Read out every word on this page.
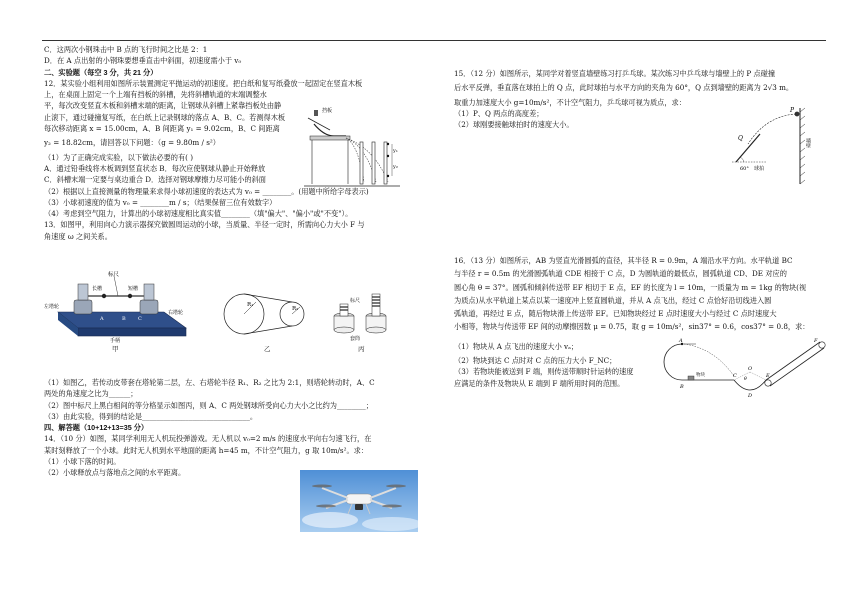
C．这两次小钢珠击中 B 点的飞行时间之比是 2：1
D．在 A 点出射的小钢珠要想垂直击中斜面，初速度需小于 v₀
二、实验题（每空 3 分，共 21 分）
12．某实验小组利用如图所示装置测定平抛运动的初速度。把白纸和复写纸叠放一起固定在竖直木板
上，在桌面上固定一个上端有挡板的斜槽，先将斜槽轨道的末端调整水
平，每次改变竖直木板和斜槽末端的距离，让钢球从斜槽上紧靠挡板处由静
止滚下，通过碰撞复写纸，在白纸上记录钢球的落点 A、B、C。若测得木板
每次移动距离 x = 15.00cm，A、B 间距离 y₁ = 9.02cm，B、C 间距离
y₂ = 18.82cm，请回答以下问题：（g = 9.80m / s²）
（1）为了正确完成实验，以下做法必要的有( )
A．通过铅垂线将木板调到竖直状态 B．每次应使钢球从静止开始释放
C．斜槽末端一定要与桌边重合 D．选择对钢球摩擦力尽可能小的斜面
（2）根据以上直接测量的物理量来求得小球初速度的表达式为 v₀ = ________。(用题中所给字母表示)
（3）小球初速度的值为 v₀ = ________m / s；（结果保留三位有效数字）
（4）考虑到空气阻力，计算出的小球初速度相比真实值________（填"偏大"、"偏小"或"不变"）。
13．如图甲，利用向心力演示器探究做圆周运动的小球，当质量、半径一定时，所需向心力大小 F 与
角速度 ω 之间关系。
挡板
y₁
y₂
标尺
长槽	短槽
左塔轮
右塔轮
手柄
A	B C
甲
R₁
R₂
乙
标尺
套筒
丙
（1）如图乙，若传动皮带套在塔轮第二层，左、右塔轮半径 R₁、R₂ 之比为 2:1，则塔轮转动时，A、C
两处的角速度之比为______；
（2）图中标尺上黑白相间的等分格显示如图丙，则 A、C 两处钢球所受向心力大小之比约为________；
（3）由此实验，得到的结论是______________________________。
四、解答题（10+12+13=35 分）
14．（10 分）如图，某同学利用无人机玩投弹游戏。无人机以 v₀=2 m/s 的速度水平向右匀速飞行，在
某时刻释放了一个小球。此时无人机到水平地面的距离 h=45 m，不计空气阻力，g 取 10m/s²。求：
（1）小球下落的时间。
（2）小球释放点与落地点之间的水平距离。
15．（12 分）如图所示，某同学对着竖直墙壁练习打乒乓球。某次练习中乒乓球与墙壁上的 P 点碰撞
后水平反弹，垂直落在球拍上的 Q 点，此时球拍与水平方向的夹角为 60°，Q 点到墙壁的距离为 2√3 m。
取重力加速度大小 g=10m/s²，不计空气阻力，乒乓球可视为质点，求：
（1）P、Q 两点的高度差；
（2）球刚要接触球拍时的速度大小。
P
Q
60° 球拍
墙壁
16．（13 分）如图所示，AB 为竖直光滑圆弧的直径，其半径 R = 0.9m，A 端沿水平方向。水平轨道 BC
与半径 r = 0.5m 的光滑圆弧轨道 CDE 相接于 C 点，D 为圆轨道的最低点，圆弧轨道 CD、DE 对应的
圆心角 θ = 37°。圆弧和倾斜传送带 EF 相切于 E 点，EF 的长度为 l = 10m，一质量为 m = 1kg 的物块(视
为质点)从水平轨道上某点以某一速度冲上竖直圆轨道，并从 A 点飞出，经过 C 点恰好沿切线进入圆
弧轨道，再经过 E 点，随后物块滑上传送带 EF。已知物块经过 E 点时速度大小与经过 C 点时速度大
小相等，物块与传送带 EF 间的动摩擦因数 μ = 0.75，取 g = 10m/s²，sin37° = 0.6，cos37° = 0.8，求：
（1）物块从 A 点飞出的速度大小 vₐ；
（2）物块到达 C 点时对 C 点的压力大小 F_NC；
（3）若物块能被送到 F 端，则传送带顺时针运转的速度
应满足的条件及物块从 E 端到 F 端所用时间的范围。
A
B
物块	C
D
O
θ
E
F
